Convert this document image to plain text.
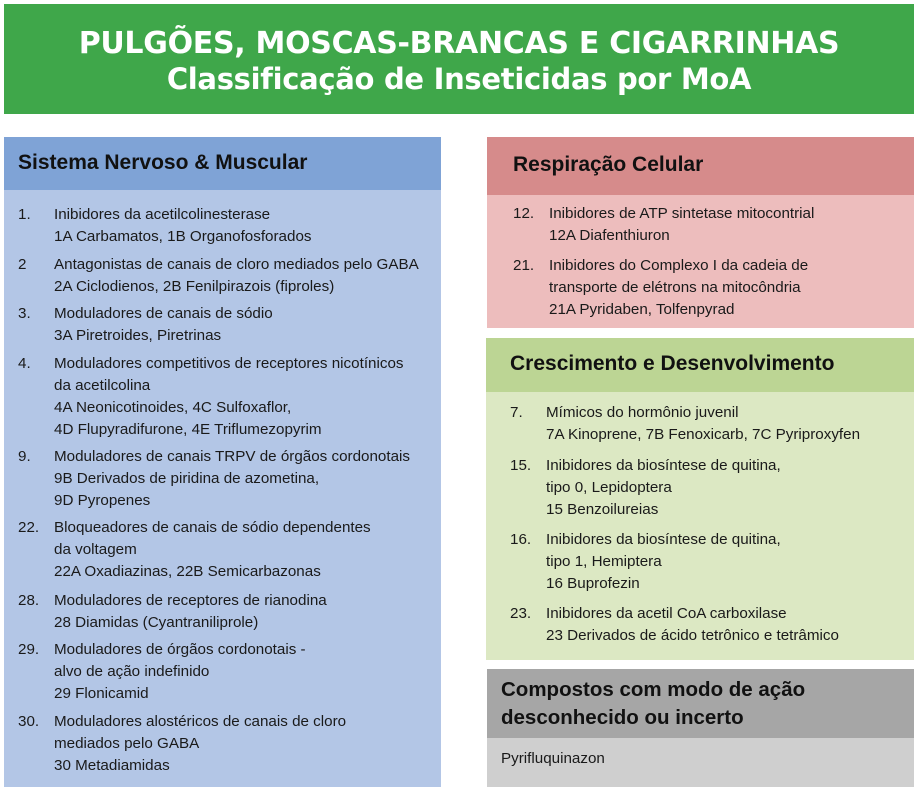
PULGÕES, MOSCAS-BRANCAS E CIGARRINHAS
Classificação de Inseticidas por MoA
Sistema Nervoso & Muscular
1. Inibidores da acetilcolinesterase
1A Carbamatos, 1B Organofosforados
2 Antagonistas de canais de cloro mediados pelo GABA
2A Ciclodienos, 2B Fenilpirazois (fiproles)
3. Moduladores de canais de sódio
3A Piretroides, Piretrinas
4. Moduladores competitivos de receptores nicotínicos
da acetilcolina
4A Neonicotinoides, 4C Sulfoxaflor,
4D Flupyradifurone, 4E Triflumezopyrim
9. Moduladores de canais TRPV de órgãos cordonotais
9B Derivados de piridina de azometina,
9D Pyropenes
22. Bloqueadores de canais de sódio dependentes
da voltagem
22A Oxadiazinas, 22B Semicarbazonas
28. Moduladores de receptores de rianodina
28 Diamidas (Cyantraniliprole)
29. Moduladores de órgãos cordonotais -
alvo de ação indefinido
29 Flonicamid
30. Moduladores alostéricos de canais de cloro
mediados pelo GABA
30 Metadiamidas
Respiração Celular
12. Inibidores de ATP sintetase mitocontrial
12A Diafenthiuron
21. Inibidores do Complexo I da cadeia de
transporte de elétrons na mitocôndria
21A Pyridaben, Tolfenpyrad
Crescimento e Desenvolvimento
7. Mímicos do hormônio juvenil
7A Kinoprene, 7B Fenoxicarb, 7C Pyriproxyfen
15. Inibidores da biosíntese de quitina,
tipo 0, Lepidoptera
15 Benzoilureias
16. Inibidores da biosíntese de quitina,
tipo 1, Hemiptera
16 Buprofezin
23. Inibidores da acetil CoA carboxilase
23 Derivados de ácido tetrônico e tetrâmico
Compostos com modo de ação
desconhecido ou incerto
Pyrifluquinazon
